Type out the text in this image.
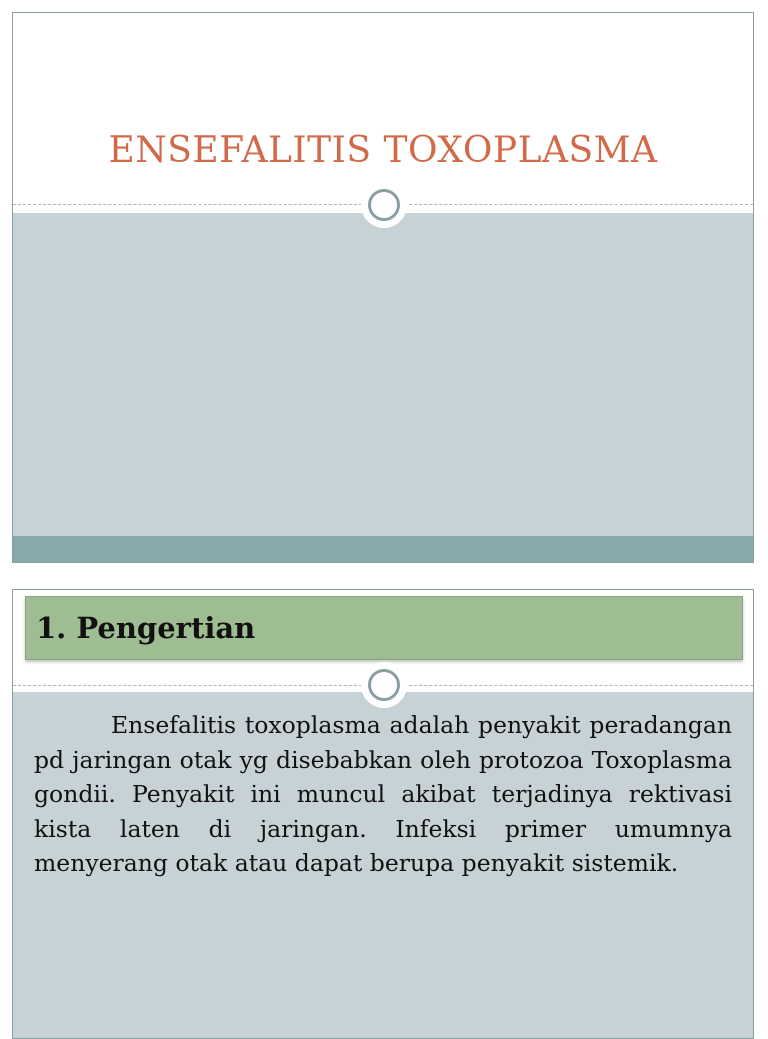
ENSEFALITIS TOXOPLASMA
1. Pengertian

Ensefalitis toxoplasma adalah penyakit peradangan pd jaringan otak yg disebabkan oleh protozoa Toxoplasma gondii. Penyakit ini muncul akibat terjadinya rektivasi kista laten di jaringan. Infeksi primer umumnya menyerang otak atau dapat berupa penyakit sistemik.
